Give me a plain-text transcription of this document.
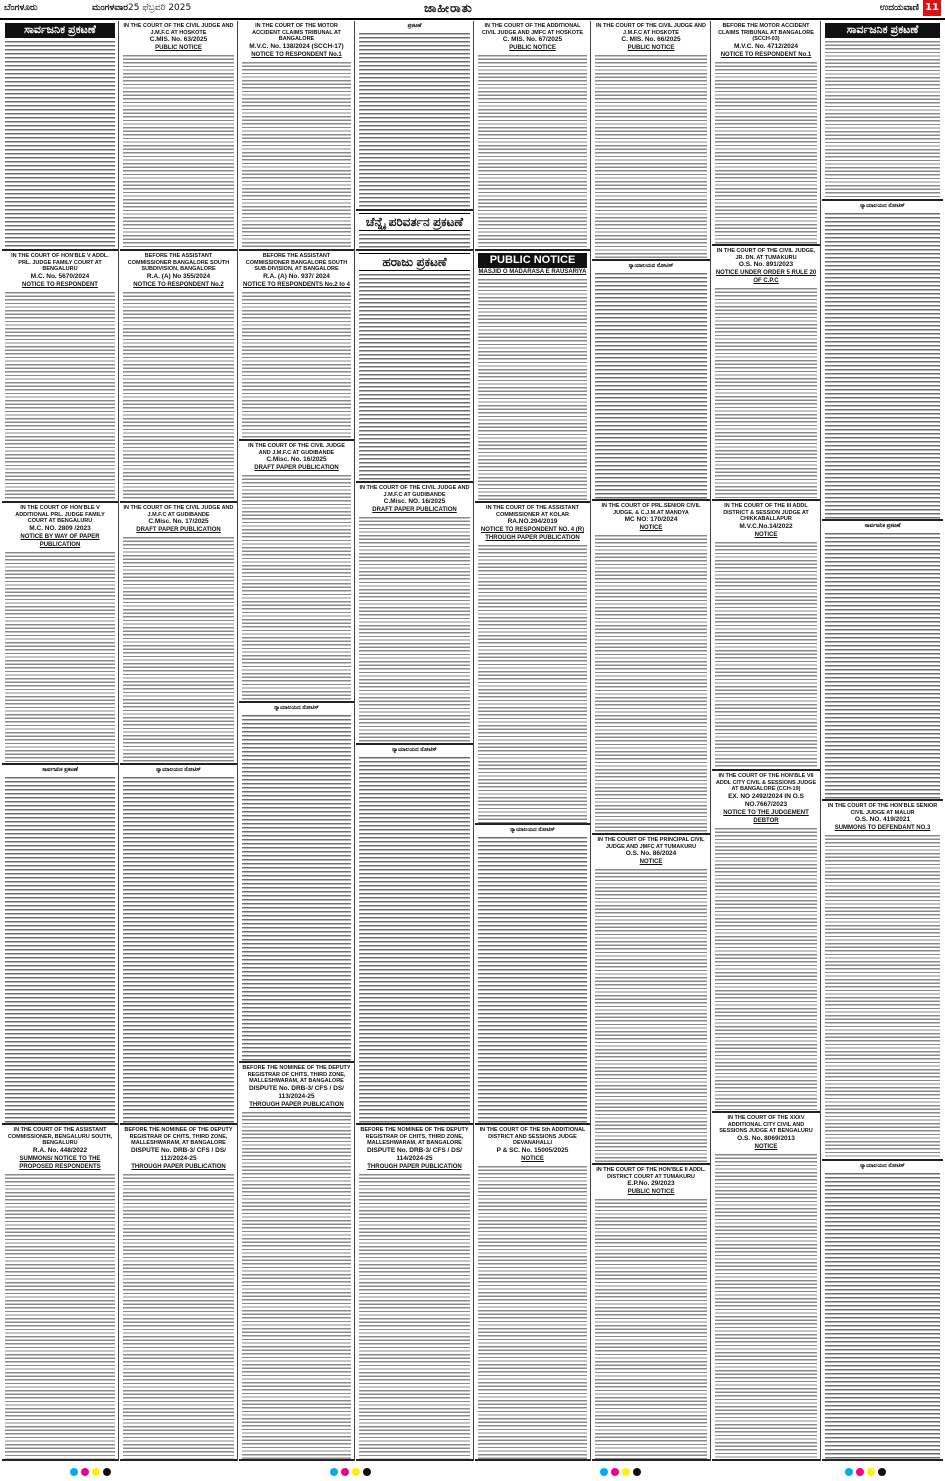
ಬೆಂಗಳೂರು	ಮಂಗಳವಾರ 25 ಫೆಬ್ರವರಿ 2025	ಜಾಹೀರಾತು	ಉದಯವಾಣಿ 11
ಸಾರ್ವಜನಿಕ ಪ್ರಕಟಣೆ
IN THE COURT OF HON'BLE V ADDL. PRL. JUDGE FAMILY COURT AT BENGALURU
M.C. No. 5670/2024
NOTICE TO RESPONDENT
IN THE COURT OF HON'BLE V ADDITIONAL PRL. JUDGE FAMILY COURT AT BENGALURU
M.C. NO. 2809 /2023
NOTICE BY WAY OF PAPER PUBLICATION
ಸಾರ್ವಜನಿಕ ಪ್ರಕಟಣೆ
IN THE COURT OF THE ASSISTANT COMMISSIONER, BENGALURU SOUTH, BENGALURU
R.A. No. 448/2022
SUMMONS/ NOTICE TO THE PROPOSED RESPONDENTS
IN THE COURT OF THE CIVIL JUDGE AND J.M.F.C AT HOSKOTE
C.MIS. No. 63/2025
PUBLIC NOTICE
BEFORE THE ASSISTANT COMMISSIONER BANGALORE SOUTH SUBDIVISION, BANGALORE
R.A. (A) No 355/2024
NOTICE TO RESPONDENT No.2
IN THE COURT OF THE CIVIL JUDGE AND J.M.F.C AT GUDIBANDE
C.Misc. No. 17/2025
DRAFT PAPER PUBLICATION
ನ್ಯಾಯಾಲಯದ ನೋಟಿಸ್
BEFORE THE NOMINEE OF THE DEPUTY REGISTRAR OF CHITS, THIRD ZONE, MALLESHWARAM, AT BANGALORE
DISPUTE No. DRB-3/ CFS / DS/ 112/2024-25
THROUGH PAPER PUBLICATION
IN THE COURT OF THE MOTOR ACCIDENT CLAIMS TRIBUNAL AT BANGALORE
M.V.C. No. 138/2024 (SCCH-17)
NOTICE TO RESPONDENT No.1
BEFORE THE ASSISTANT COMMISSIONER BANGALORE SOUTH SUB-DIVISION, AT BANGALORE
R.A. (A) No. 937/ 2024
NOTICE TO RESPONDENTS No.2 to 4
IN THE COURT OF THE CIVIL JUDGE AND J.M.F.C AT GUDIBANDE
C.Misc. No. 16/2025
DRAFT PAPER PUBLICATION
ನ್ಯಾಯಾಲಯದ ನೋಟಿಸ್
BEFORE THE NOMINEE OF THE DEPUTY REGISTRAR OF CHITS, THIRD ZONE, MALLESHWARAM, AT BANGALORE
DISPUTE No. DRB-3/ CFS / DS/ 113/2024-25
THROUGH PAPER PUBLICATION
ಪ್ರಕಟಣೆ
ಚೆನ್ನೈ ಪರಿವರ್ತನ ಪ್ರಕಟಣೆ
ಹರಾಜು ಪ್ರಕಟಣೆ
IN THE COURT OF THE CIVIL JUDGE AND J.M.F.C AT GUDIBANDE
C.Misc. NO. 16/2025
DRAFT PAPER PUBLICATION
ನ್ಯಾಯಾಲಯದ ನೋಟಿಸ್
BEFORE THE NOMINEE OF THE DEPUTY REGISTRAR OF CHITS, THIRD ZONE, MALLESHWARAM, AT BANGALORE
DISPUTE No. DRB-3/ CFS / DS/ 114/2024-25
THROUGH PAPER PUBLICATION
IN THE COURT OF THE ADDITIONAL CIVIL JUDGE AND JMFC AT HOSKOTE
C. MIS. No. 67/2025
PUBLIC NOTICE
PUBLIC NOTICE
MASJID O MADARASA E RAUSARIYA
IN THE COURT OF THE ASSISTANT COMMISSIONER AT KOLAR
RA.NO.294/2019
NOTICE TO RESPONDENT NO. 4 (R) THROUGH PAPER PUBLICATION
ನ್ಯಾಯಾಲಯದ ನೋಟಿಸ್
IN THE COURT OF THE 5th ADDITIONAL DISTRICT AND SESSIONS JUDGE DEVANAHALLI
P & SC. No. 15005/2025
NOTICE
IN THE COURT OF THE CIVIL JUDGE AND J.M.F.C AT HOSKOTE
C. MIS. No. 66/2025
PUBLIC NOTICE
ನ್ಯಾಯಾಲಯದ ನೋಟಿಸ್
IN THE COURT OF PRL.SENIOR CIVIL JUDGE, & C.J.M.AT MANDYA
MC NO: 170/2024
NOTICE
IN THE COURT OF THE PRINCIPAL CIVIL JUDGE AND JMFC AT TUMAKURU
O.S. No. 86/2024
NOTICE
IN THE COURT OF THE HON'BLE II ADDL. DISTRICT COURT AT TUMAKURU
E.P.No. 29/2023
PUBLIC NOTICE
BEFORE THE MOTOR ACCIDENT CLAIMS TRIBUNAL AT BANGALORE (SCCH-03)
M.V.C. No. 4712/2024
NOTICE TO RESPONDENT No.1
IN THE COURT OF THE CIVIL JUDGE, JR. DN. AT TUMAKURU
O.S. No. 891/2023
NOTICE UNDER ORDER 5 RULE 20 OF C.P.C
IN THE COURT OF THE III ADDL DISTRICT & SESSION JUDGE AT CHIKKABALLAPUR
M.V.C.No.14/2022
NOTICE
IN THE COURT OF THE HON'BLE VII ADDL CITY CIVIL & SESSIONS JUDGE AT BANGALORE (CCH-19)
EX. NO 2492/2024 IN O.S NO.7667/2023
NOTICE TO THE JUDGEMENT DEBTOR
IN THE COURT OF THE XXXV ADDITIONAL CITY CIVIL AND SESSIONS JUDGE AT BENGALURU
O.S. No. 8069/2013
NOTICE
ಸಾರ್ವಜನಿಕ ಪ್ರಕಟಣೆ
ನ್ಯಾಯಾಲಯದ ನೋಟಿಸ್
ಸಾರ್ವಜನಿಕ ಪ್ರಕಟಣೆ
IN THE COURT OF THE HON'BLE SENIOR CIVIL JUDGE AT MALUR
O.S. NO. 419/2021
SUMMONS TO DEFENDANT NO.3
ನ್ಯಾಯಾಲಯದ ನೋಟಿಸ್
